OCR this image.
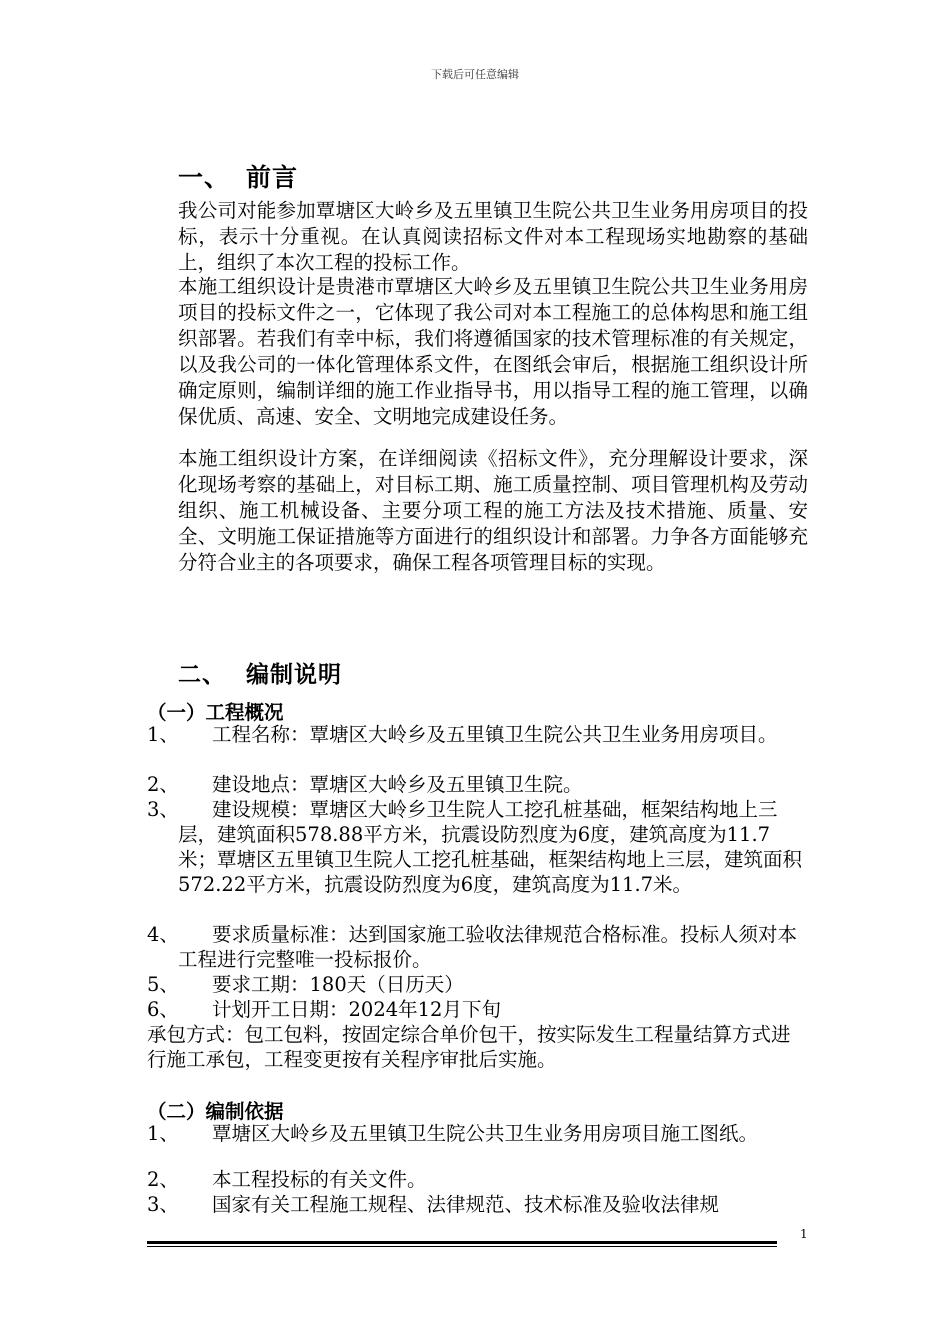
下载后可任意编辑
一、 前言
我公司对能参加覃塘区大岭乡及五里镇卫生院公共卫生业务用房项目的投标，表示十分重视。在认真阅读招标文件对本工程现场实地勘察的基础上，组织了本次工程的投标工作。
本施工组织设计是贵港市覃塘区大岭乡及五里镇卫生院公共卫生业务用房项目的投标文件之一，它体现了我公司对本工程施工的总体构思和施工组织部署。若我们有幸中标，我们将遵循国家的技术管理标准的有关规定，以及我公司的一体化管理体系文件，在图纸会审后，根据施工组织设计所确定原则，编制详细的施工作业指导书，用以指导工程的施工管理，以确保优质、高速、安全、文明地完成建设任务。
本施工组织设计方案，在详细阅读《招标文件》，充分理解设计要求，深化现场考察的基础上，对目标工期、施工质量控制、项目管理机构及劳动组织、施工机械设备、主要分项工程的施工方法及技术措施、质量、安全、文明施工保证措施等方面进行的组织设计和部署。力争各方面能够充分符合业主的各项要求，确保工程各项管理目标的实现。
二、 编制说明
（一）工程概况
1、	工程名称：覃塘区大岭乡及五里镇卫生院公共卫生业务用房项目。
2、	建设地点：覃塘区大岭乡及五里镇卫生院。
3、	建设规模：覃塘区大岭乡卫生院人工挖孔桩基础，框架结构地上三层，建筑面积578.88平方米，抗震设防烈度为6度，建筑高度为11.7米；覃塘区五里镇卫生院人工挖孔桩基础，框架结构地上三层，建筑面积572.22平方米，抗震设防烈度为6度，建筑高度为11.7米。
4、	要求质量标准：达到国家施工验收法律规范合格标准。投标人须对本工程进行完整唯一投标报价。
5、	要求工期：180天（日历天）
6、	计划开工日期：2024年12月下旬
承包方式：包工包料，按固定综合单价包干，按实际发生工程量结算方式进行施工承包，工程变更按有关程序审批后实施。
（二）编制依据
1、	覃塘区大岭乡及五里镇卫生院公共卫生业务用房项目施工图纸。
2、	本工程投标的有关文件。
3、	国家有关工程施工规程、法律规范、技术标准及验收法律规
1
